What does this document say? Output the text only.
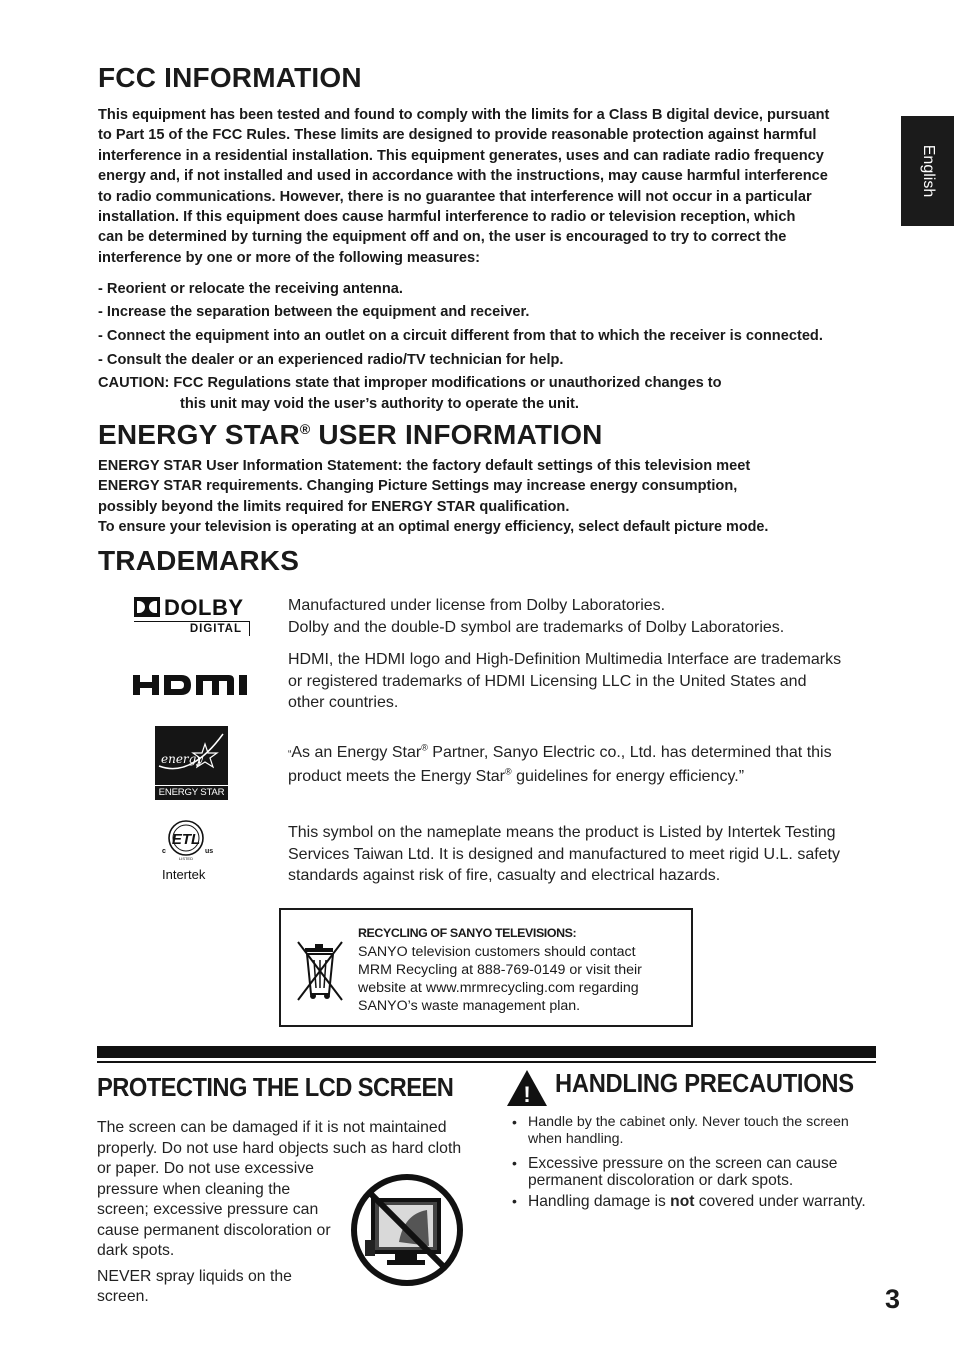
English
FCC INFORMATION
This equipment has been tested and found to comply with the limits for a Class B digital device, pursuant
to Part 15 of the FCC Rules. These limits are designed to provide reasonable protection against harmful
interference in a residential installation. This equipment generates, uses and can radiate radio frequency
energy and, if not installed and used in accordance with the instructions, may cause harmful interference
to radio communications. However, there is no guarantee that interference will not occur in a particular
installation. If this equipment does cause harmful interference to radio or television reception, which
can be determined by turning the equipment off and on, the user is encouraged to try to correct the
interference by one or more of the following measures:
- Reorient or relocate the receiving antenna.
- Increase the separation between the equipment and receiver.
- Connect the equipment into an outlet on a circuit different from that to which the receiver is connected.
- Consult the dealer or an experienced radio/TV technician for help.
CAUTION: FCC Regulations state that improper modifications or unauthorized changes to
this unit may void the user’s authority to operate the unit.
ENERGY STAR® USER INFORMATION
ENERGY STAR User Information Statement: the factory default settings of this television meet
ENERGY STAR requirements. Changing Picture Settings may increase energy consumption,
possibly beyond the limits required for ENERGY STAR qualification.
To ensure your television is operating at an optimal energy efficiency, select default picture mode.
TRADEMARKS
DOLBY
DIGITAL
Manufactured under license from Dolby Laboratories.
Dolby and the double-D symbol are trademarks of Dolby Laboratories.
HDMI, the HDMI logo and High-Definition Multimedia Interface are trademarks
or registered trademarks of HDMI Licensing LLC in the United States and
other countries.
energy
ENERGY STAR
“As an Energy Star® Partner, Sanyo Electric co., Ltd. has determined that this
product meets the Energy Star® guidelines for energy efficiency.”
ETL
c	us
LISTED
Intertek
This symbol on the nameplate means the product is Listed by Intertek Testing
Services Taiwan Ltd. It is designed and manufactured to meet rigid U.L. safety
standards against risk of fire, casualty and electrical hazards.
RECYCLING OF SANYO TELEVISIONS:
SANYO television customers should contact
MRM Recycling at 888-769-0149 or visit their
website at www.mrmrecycling.com regarding
SANYO’s waste management plan.
PROTECTING THE LCD SCREEN
The screen can be damaged if it is not maintained
properly. Do not use hard objects such as hard cloth
or paper. Do not use excessive
pressure when cleaning the
screen; excessive pressure can
cause permanent discoloration or
dark spots.
NEVER spray liquids on the
screen.
! HANDLING PRECAUTIONS
• Handle by the cabinet only. Never touch the screen
when handling.
• Excessive pressure on the screen can cause
permanent discoloration or dark spots.
• Handling damage is not covered under warranty.
3
